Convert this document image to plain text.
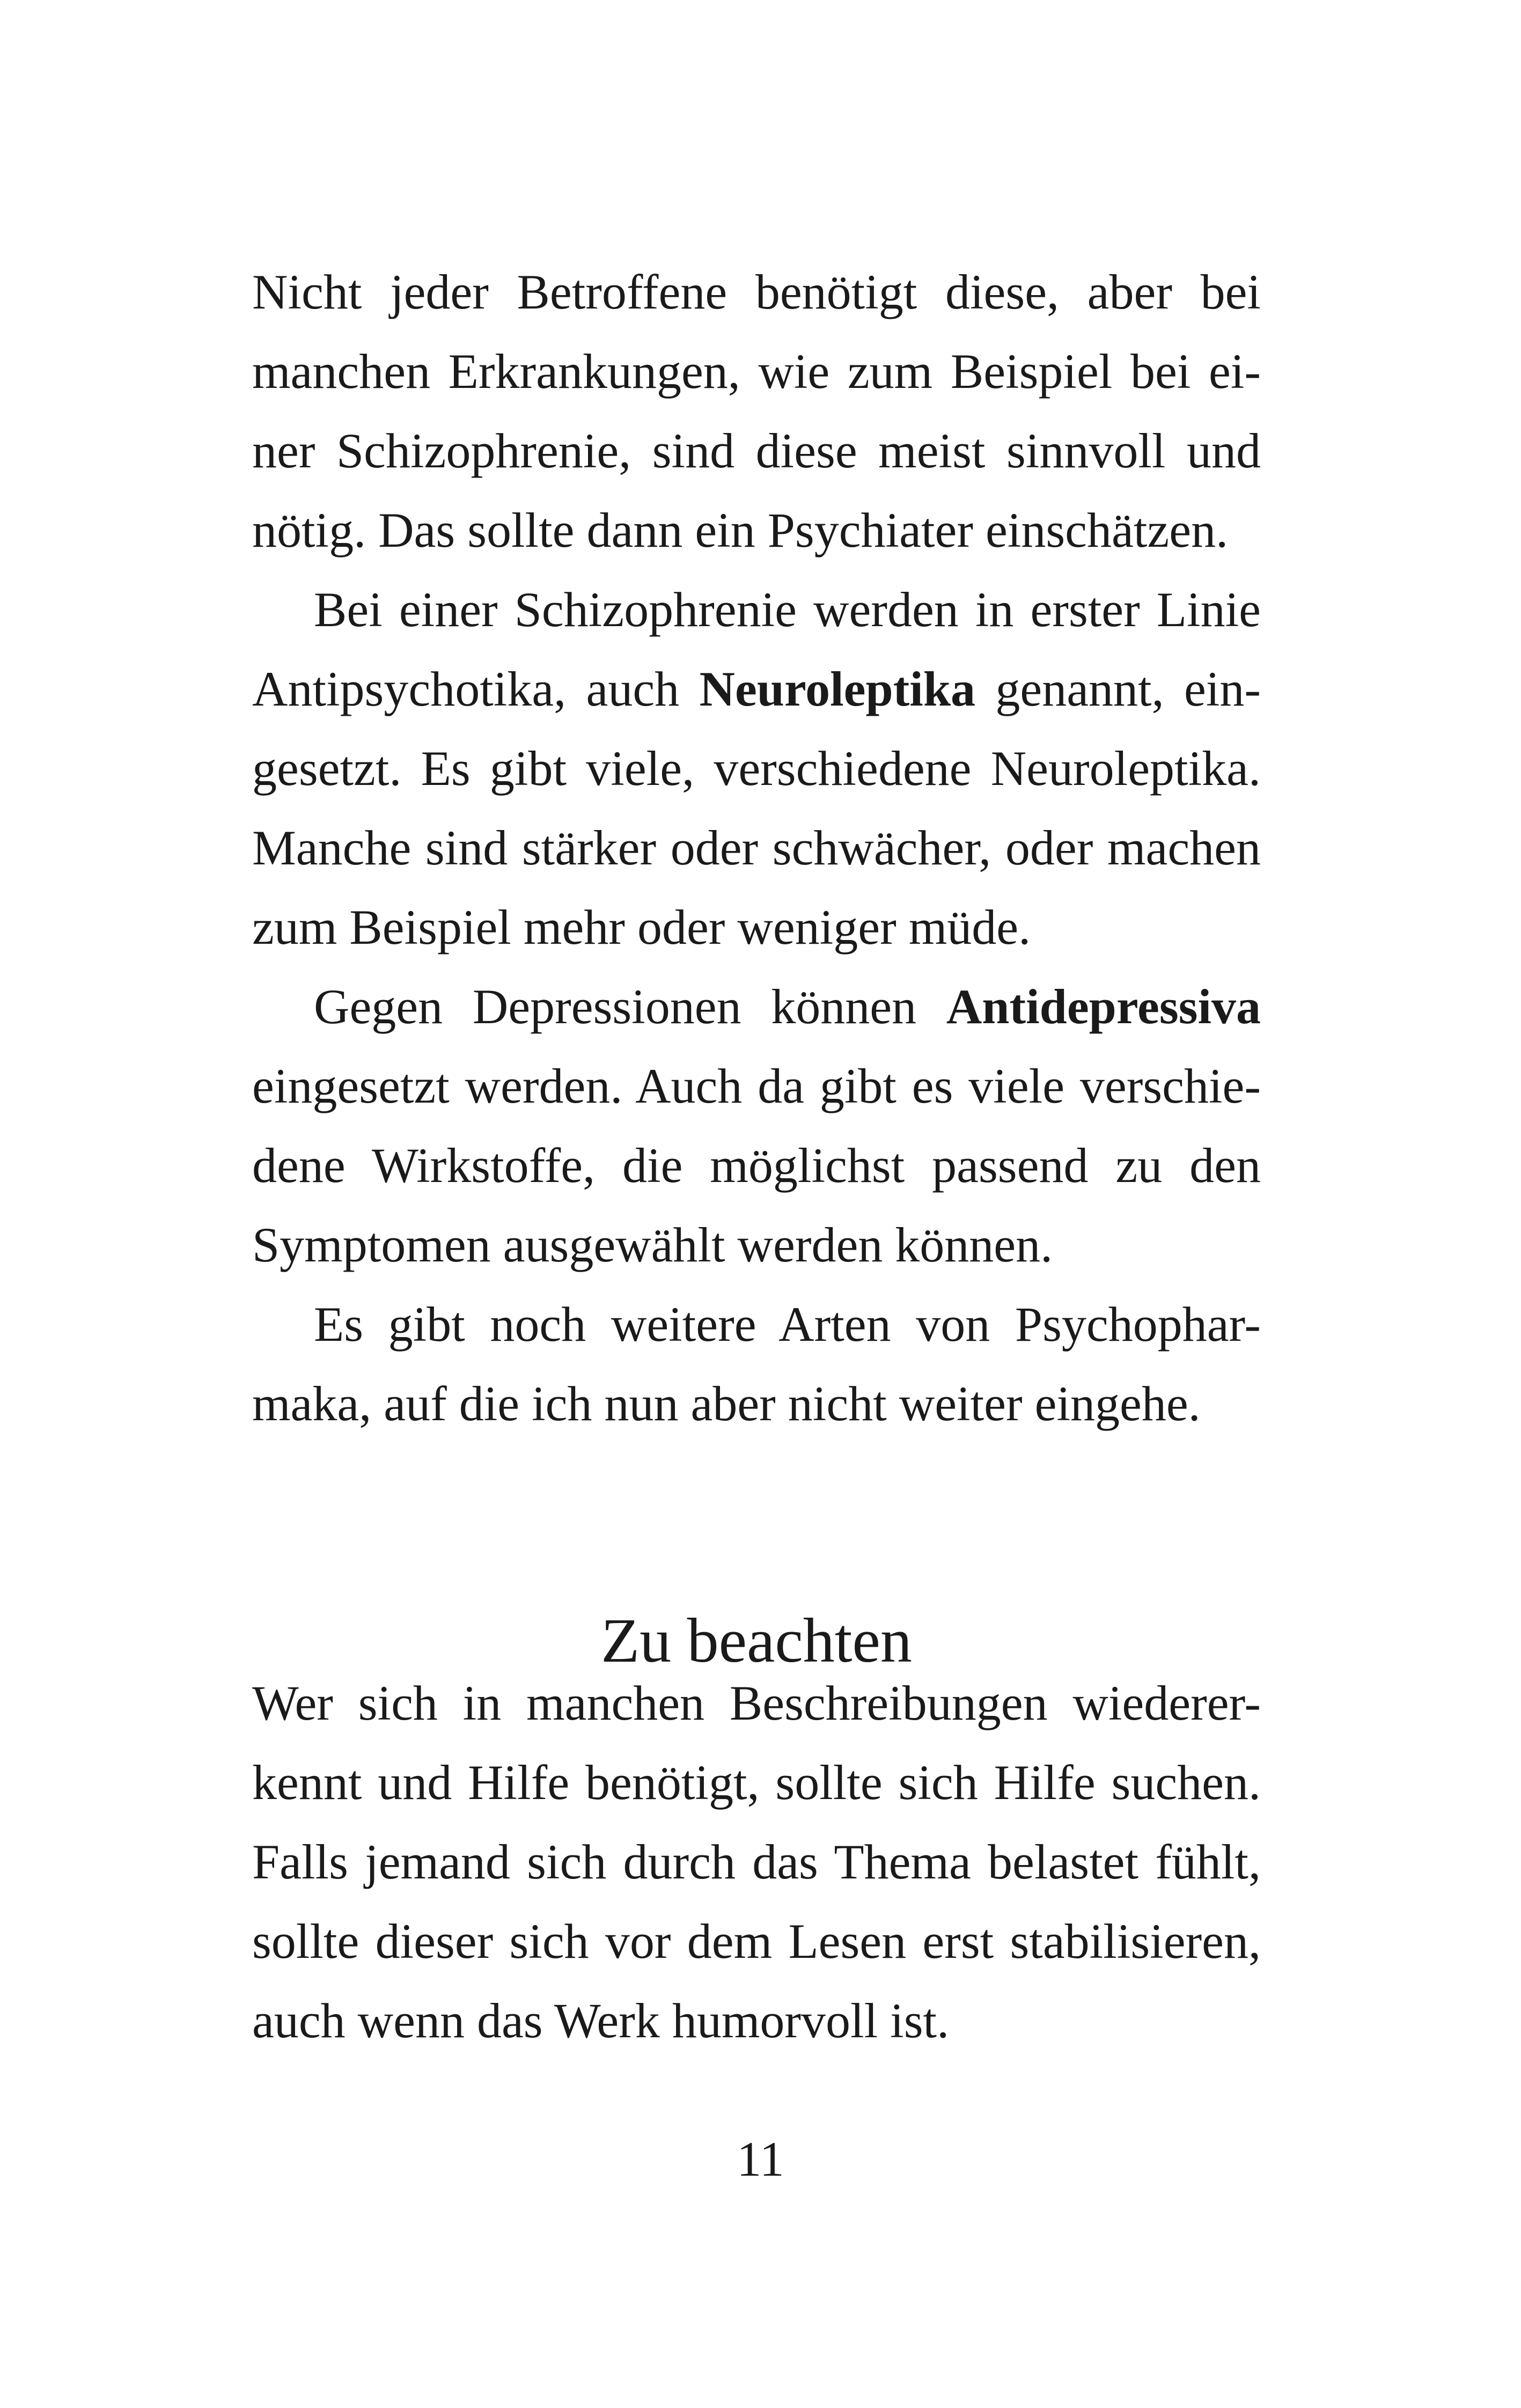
Nicht jeder Betroffene benötigt diese, aber bei
manchen Erkrankungen, wie zum Beispiel bei ei-
ner Schizophrenie, sind diese meist sinnvoll und
nötig. Das sollte dann ein Psychiater einschätzen.
Bei einer Schizophrenie werden in erster Linie
Antipsychotika, auch Neuroleptika genannt, ein-
gesetzt. Es gibt viele, verschiedene Neuroleptika.
Manche sind stärker oder schwächer, oder machen
zum Beispiel mehr oder weniger müde.
Gegen Depressionen können Antidepressiva
eingesetzt werden. Auch da gibt es viele verschie-
dene Wirkstoffe, die möglichst passend zu den
Symptomen ausgewählt werden können.
Es gibt noch weitere Arten von Psychophar-
maka, auf die ich nun aber nicht weiter eingehe.
Zu beachten
Wer sich in manchen Beschreibungen wiederer-
kennt und Hilfe benötigt, sollte sich Hilfe suchen.
Falls jemand sich durch das Thema belastet fühlt,
sollte dieser sich vor dem Lesen erst stabilisieren,
auch wenn das Werk humorvoll ist.
11
